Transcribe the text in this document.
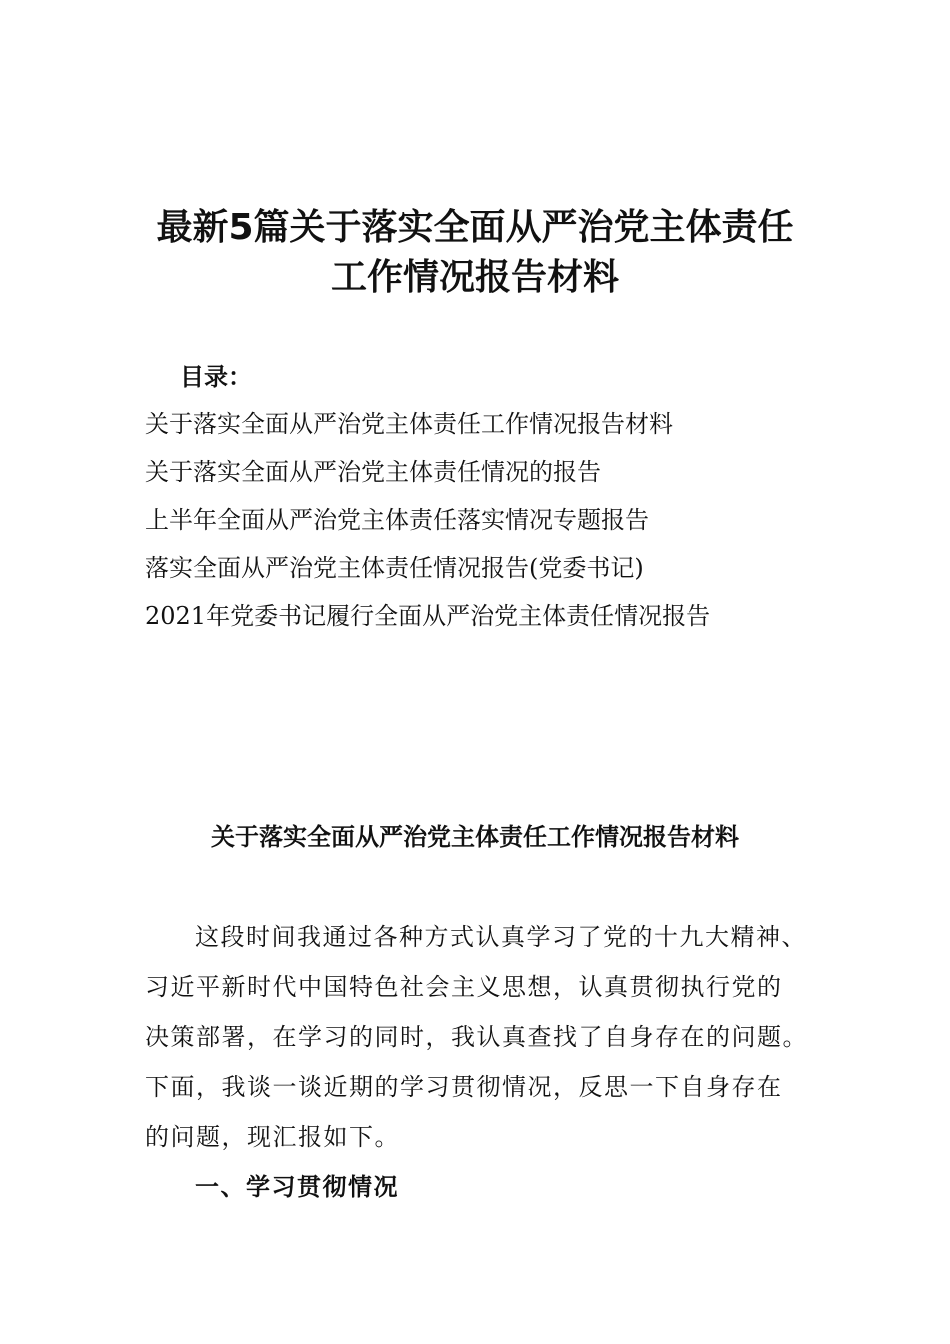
最新5篇关于落实全面从严治党主体责任
工作情况报告材料
目录：
关于落实全面从严治党主体责任工作情况报告材料
关于落实全面从严治党主体责任情况的报告
上半年全面从严治党主体责任落实情况专题报告
落实全面从严治党主体责任情况报告(党委书记)
2021年党委书记履行全面从严治党主体责任情况报告
关于落实全面从严治党主体责任工作情况报告材料
这段时间我通过各种方式认真学习了党的十九大精神、
习近平新时代中国特色社会主义思想，认真贯彻执行党的
决策部署，在学习的同时，我认真查找了自身存在的问题。
下面，我谈一谈近期的学习贯彻情况，反思一下自身存在
的问题，现汇报如下。
一、学习贯彻情况
